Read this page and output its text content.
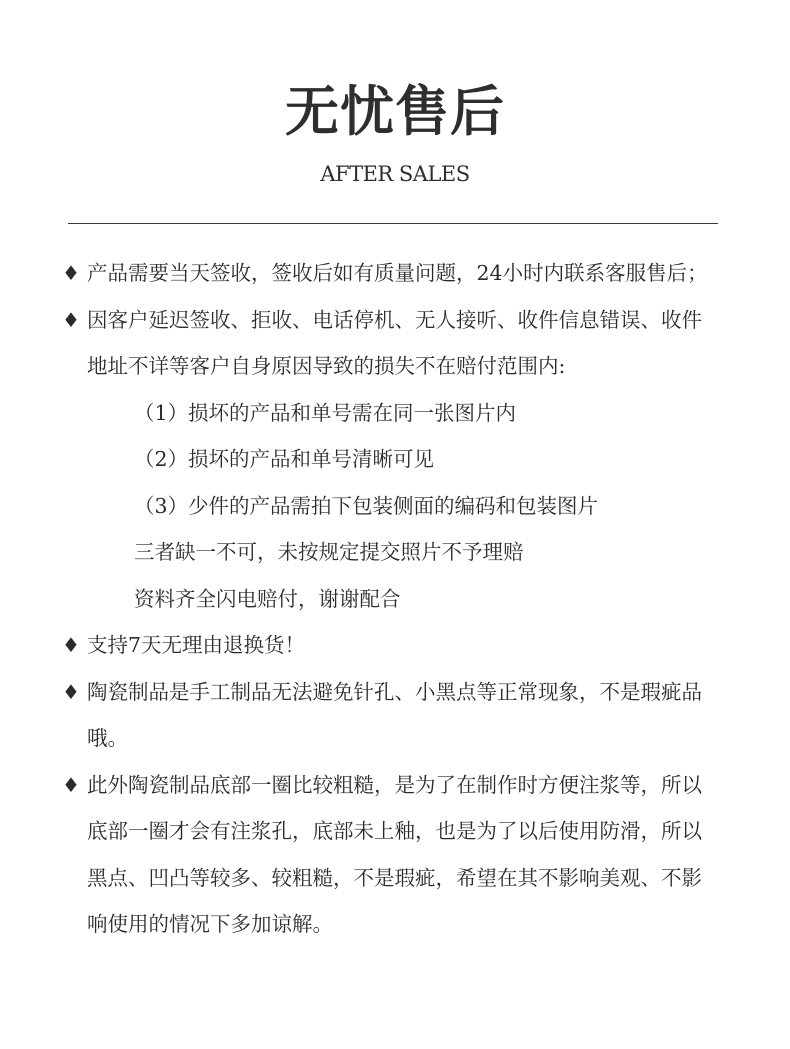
无忧售后
AFTER SALES
♦ 产品需要当天签收，签收后如有质量问题，24小时内联系客服售后；
♦ 因客户延迟签收、拒收、电话停机、无人接听、收件信息错误、收件地址不详等客户自身原因导致的损失不在赔付范围内:
（1）损坏的产品和单号需在同一张图片内
（2）损坏的产品和单号清晰可见
（3）少件的产品需拍下包装侧面的编码和包装图片
三者缺一不可，未按规定提交照片不予理赔
资料齐全闪电赔付，谢谢配合
♦ 支持7天无理由退换货！
♦ 陶瓷制品是手工制品无法避免针孔、小黑点等正常现象，不是瑕疵品哦。
♦ 此外陶瓷制品底部一圈比较粗糙，是为了在制作时方便注浆等，所以底部一圈才会有注浆孔，底部未上釉，也是为了以后使用防滑，所以黑点、凹凸等较多、较粗糙，不是瑕疵，希望在其不影响美观、不影响使用的情况下多加谅解。
